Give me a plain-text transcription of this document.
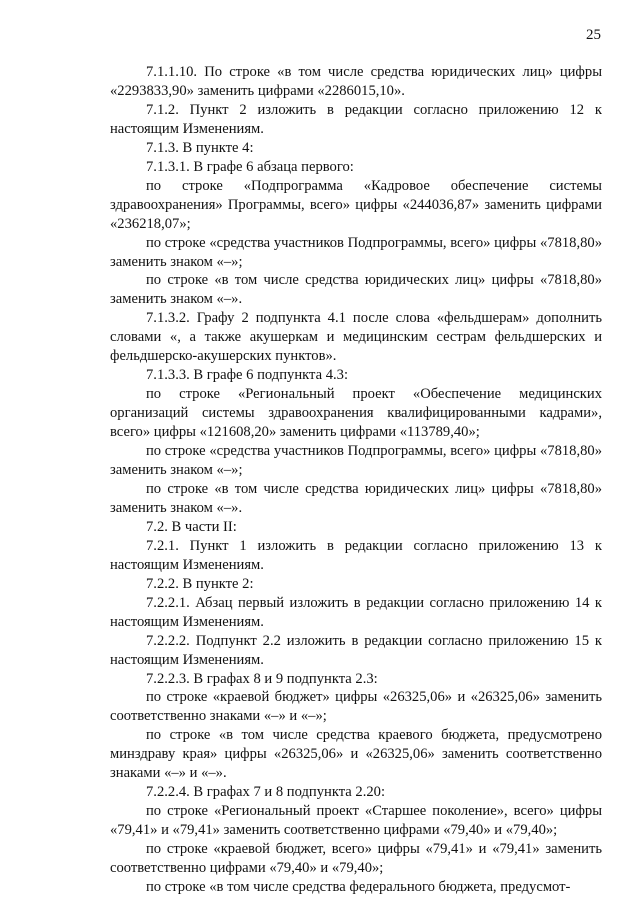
25

7.1.1.10. По строке «в том числе средства юридических лиц» цифры «2293833,90» заменить цифрами «2286015,10».

7.1.2. Пункт 2 изложить в редакции согласно приложению 12 к настоящим Изменениям.

7.1.3. В пункте 4:

7.1.3.1. В графе 6 абзаца первого:

по строке «Подпрограмма «Кадровое обеспечение системы здравоохранения» Программы, всего» цифры «244036,87» заменить цифрами «236218,07»;

по строке «средства участников Подпрограммы, всего» цифры «7818,80» заменить знаком «–»;

по строке «в том числе средства юридических лиц» цифры «7818,80» заменить знаком «–».

7.1.3.2. Графу 2 подпункта 4.1 после слова «фельдшерам» дополнить словами «, а также акушеркам и медицинским сестрам фельдшерских и фельдшерско-акушерских пунктов».

7.1.3.3. В графе 6 подпункта 4.3:

по строке «Региональный проект «Обеспечение медицинских организаций системы здравоохранения квалифицированными кадрами», всего» цифры «121608,20» заменить цифрами «113789,40»;

по строке «средства участников Подпрограммы, всего» цифры «7818,80» заменить знаком «–»;

по строке «в том числе средства юридических лиц» цифры «7818,80» заменить знаком «–».

7.2. В части II:

7.2.1. Пункт 1 изложить в редакции согласно приложению 13 к настоящим Изменениям.

7.2.2. В пункте 2:

7.2.2.1. Абзац первый изложить в редакции согласно приложению 14 к настоящим Изменениям.

7.2.2.2. Подпункт 2.2 изложить в редакции согласно приложению 15 к настоящим Изменениям.

7.2.2.3. В графах 8 и 9 подпункта 2.3:

по строке «краевой бюджет» цифры «26325,06» и «26325,06» заменить соответственно знаками «–» и «–»;

по строке «в том числе средства краевого бюджета, предусмотрено минздраву края» цифры «26325,06» и «26325,06» заменить соответственно знаками «–» и «–».

7.2.2.4. В графах 7 и 8 подпункта 2.20:

по строке «Региональный проект «Старшее поколение», всего» цифры «79,41» и «79,41» заменить соответственно цифрами «79,40» и «79,40»;

по строке «краевой бюджет, всего» цифры «79,41» и «79,41» заменить соответственно цифрами «79,40» и «79,40»;

по строке «в том числе средства федерального бюджета, предусмот-
